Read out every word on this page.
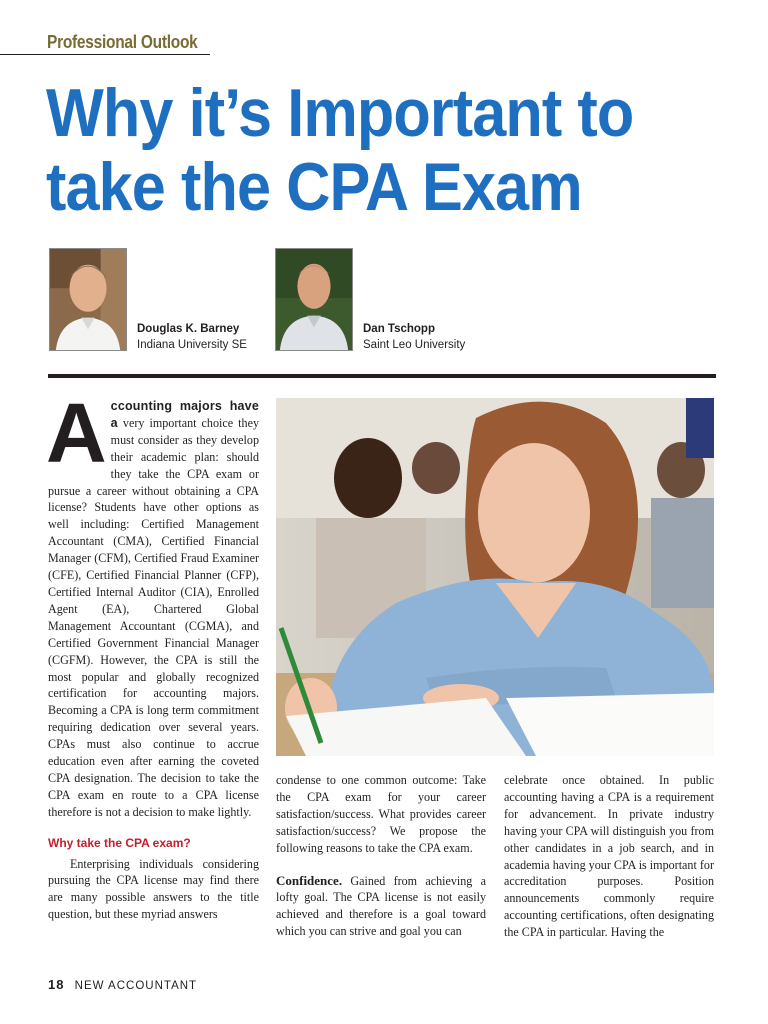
Professional Outlook
Why it’s Important to
take the CPA Exam
Douglas K. Barney
Indiana University SE
Dan Tschopp
Saint Leo University

Accounting majors have a very important choice they must consider as they develop their academic plan: should they take the CPA exam or pursue a career without obtaining a CPA license? Students have other options as well including: Certified Management Accountant (CMA), Certified Financial Manager (CFM), Certified Fraud Examiner (CFE), Certified Financial Planner (CFP), Certified Internal Auditor (CIA), Enrolled Agent (EA), Chartered Global Management Accountant (CGMA), and Certified Government Financial Manager (CGFM). However, the CPA is still the most popular and globally recognized certification for accounting majors. Becoming a CPA is long term commitment requiring dedication over several years. CPAs must also continue to accrue education even after earning the coveted CPA designation. The decision to take the CPA exam en route to a CPA license therefore is not a decision to make lightly.

Why take the CPA exam?

Enterprising individuals considering pursuing the CPA license may find there are many possible answers to the title question, but these myriad answers

condense to one common outcome: Take the CPA exam for your career satisfaction/success. What provides career satisfaction/success? We propose the following reasons to take the CPA exam.

Confidence. Gained from achieving a lofty goal. The CPA license is not easily achieved and therefore is a goal toward which you can strive and goal you can

celebrate once obtained. In public accounting having a CPA is a requirement for advancement. In private industry having your CPA will distinguish you from other candidates in a job search, and in academia having your CPA is important for accreditation purposes. Position announcements commonly require accounting certifications, often designating the CPA in particular. Having the

18 NEW ACCOUNTANT
